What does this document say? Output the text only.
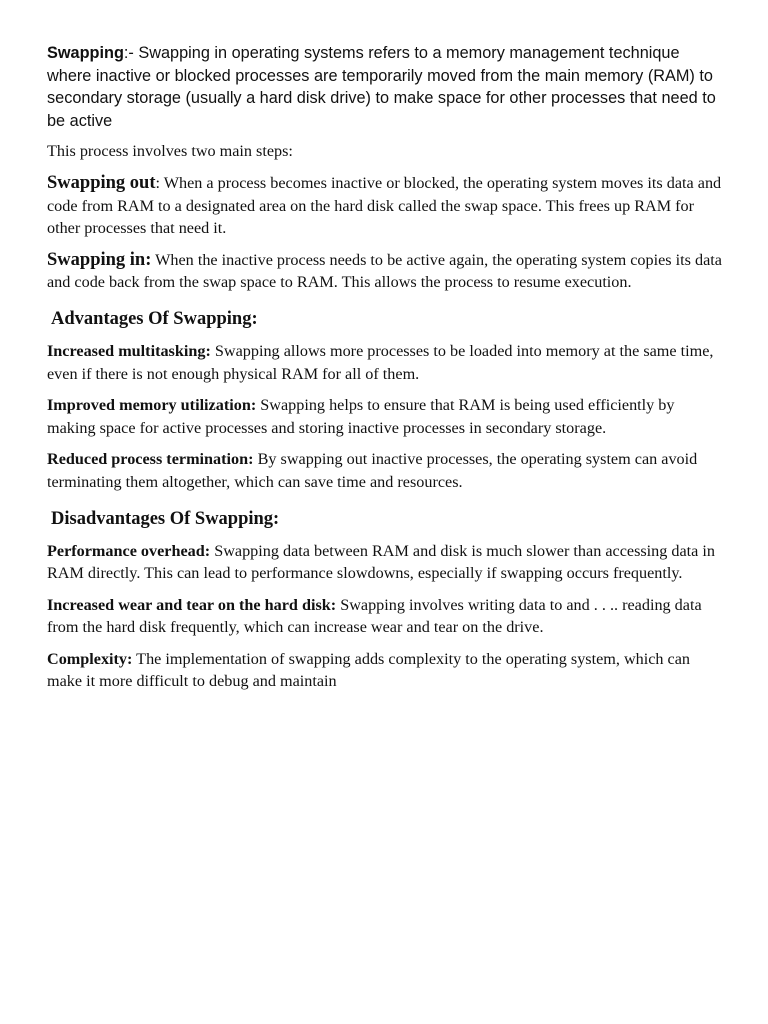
Swapping:- Swapping in operating systems refers to a memory management technique where inactive or blocked processes are temporarily moved from the main memory (RAM) to secondary storage (usually a hard disk drive) to make space for other processes that need to be active

This process involves two main steps:

Swapping out: When a process becomes inactive or blocked, the operating system moves its data and code from RAM to a designated area on the hard disk called the swap space. This frees up RAM for other processes that need it.

Swapping in: When the inactive process needs to be active again, the operating system copies its data and code back from the swap space to RAM. This allows the process to resume execution.

Advantages Of Swapping:

Increased multitasking: Swapping allows more processes to be loaded into memory at the same time, even if there is not enough physical RAM for all of them.

Improved memory utilization: Swapping helps to ensure that RAM is being used efficiently by making space for active processes and storing inactive processes in secondary storage.

Reduced process termination: By swapping out inactive processes, the operating system can avoid terminating them altogether, which can save time and resources.

Disadvantages Of Swapping:

Performance overhead: Swapping data between RAM and disk is much slower than accessing data in RAM directly. This can lead to performance slowdowns, especially if swapping occurs frequently.

Increased wear and tear on the hard disk: Swapping involves writing data to and . . .. reading data from the hard disk frequently, which can increase wear and tear on the drive.

Complexity: The implementation of swapping adds complexity to the operating system, which can make it more difficult to debug and maintain
